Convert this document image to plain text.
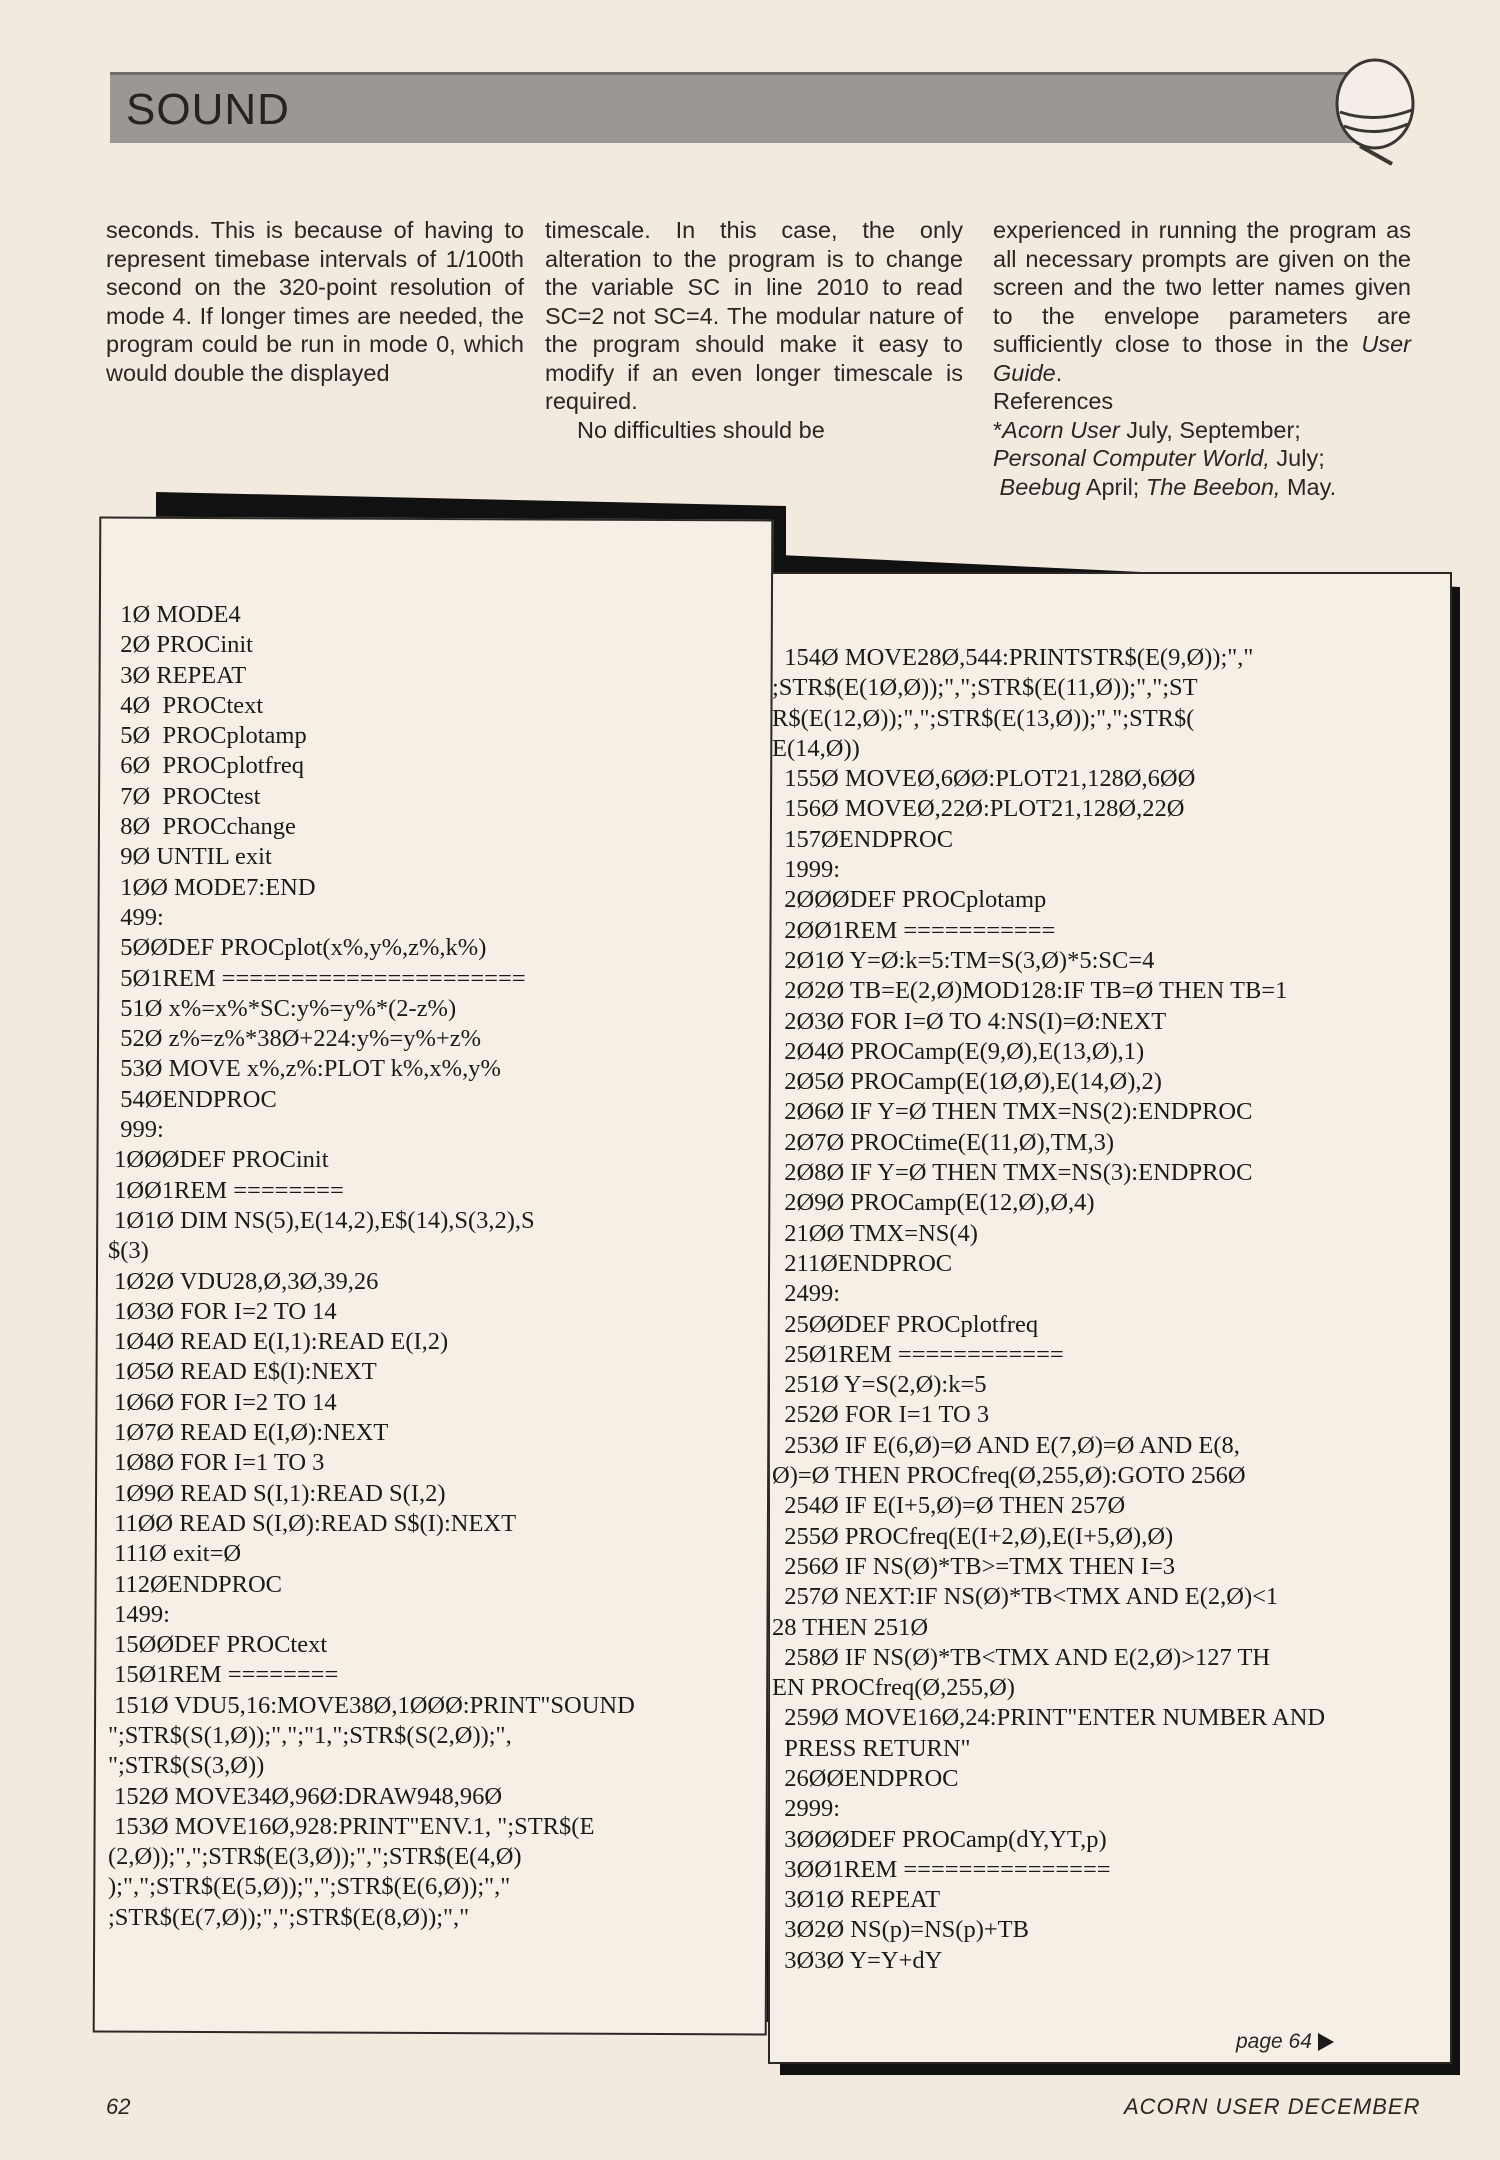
SOUND

seconds. This is because of having to represent timebase intervals of 1/100th second on the 320-point resolution of mode 4. If longer times are needed, the program could be run in mode 0, which would double the displayed

timescale. In this case, the only alteration to the program is to change the variable SC in line 2010 to read SC=2 not SC=4. The modular nature of the program should make it easy to modify if an even longer timescale is required.

No difficulties should be

experienced in running the program as all necessary prompts are given on the screen and the two letter names given to the envelope parameters are sufficiently close to those in the User Guide.

References

*Acorn User July, September;

Personal Computer World, July;

Beebug April; The Beebon, May.

1Ø MODE4
2Ø PROCinit
3Ø REPEAT
4Ø  PROCtext
5Ø  PROCplotamp
6Ø  PROCplotfreq
7Ø  PROCtest
8Ø  PROCchange
9Ø UNTIL exit
1ØØ MODE7:END
499:
5ØØDEF PROCplot(x%,y%,z%,k%)
5Ø1REM ======================
51Ø x%=x%*SC:y%=y%*(2-z%)
52Ø z%=z%*38Ø+224:y%=y%+z%
53Ø MOVE x%,z%:PLOT k%,x%,y%
54ØENDPROC
999:
1ØØØDEF PROCinit
1ØØ1REM ========
1Ø1Ø DIM NS(5),E(14,2),E$(14),S(3,2),S
$(3)
1Ø2Ø VDU28,Ø,3Ø,39,26
1Ø3Ø FOR I=2 TO 14
1Ø4Ø READ E(I,1):READ E(I,2)
1Ø5Ø READ E$(I):NEXT
1Ø6Ø FOR I=2 TO 14
1Ø7Ø READ E(I,Ø):NEXT
1Ø8Ø FOR I=1 TO 3
1Ø9Ø READ S(I,1):READ S(I,2)
11ØØ READ S(I,Ø):READ S$(I):NEXT
111Ø exit=Ø
112ØENDPROC
1499:
15ØØDEF PROCtext
15Ø1REM ========
151Ø VDU5,16:MOVE38Ø,1ØØØ:PRINT"SOUND
";STR$(S(1,Ø));",";"1,";STR$(S(2,Ø));",
";STR$(S(3,Ø))
152Ø MOVE34Ø,96Ø:DRAW948,96Ø
153Ø MOVE16Ø,928:PRINT"ENV.1, ";STR$(E
(2,Ø));",";STR$(E(3,Ø));",";STR$(E(4,Ø)
);",";STR$(E(5,Ø));",";STR$(E(6,Ø));","
;STR$(E(7,Ø));",";STR$(E(8,Ø));","
154Ø MOVE28Ø,544:PRINTSTR$(E(9,Ø));","
;STR$(E(1Ø,Ø));",";STR$(E(11,Ø));",";ST
R$(E(12,Ø));",";STR$(E(13,Ø));",";STR$(
E(14,Ø))
155Ø MOVEØ,6ØØ:PLOT21,128Ø,6ØØ
156Ø MOVEØ,22Ø:PLOT21,128Ø,22Ø
157ØENDPROC
1999:
2ØØØDEF PROCplotamp
2ØØ1REM ===========
2Ø1Ø Y=Ø:k=5:TM=S(3,Ø)*5:SC=4
2Ø2Ø TB=E(2,Ø)MOD128:IF TB=Ø THEN TB=1
2Ø3Ø FOR I=Ø TO 4:NS(I)=Ø:NEXT
2Ø4Ø PROCamp(E(9,Ø),E(13,Ø),1)
2Ø5Ø PROCamp(E(1Ø,Ø),E(14,Ø),2)
2Ø6Ø IF Y=Ø THEN TMX=NS(2):ENDPROC
2Ø7Ø PROCtime(E(11,Ø),TM,3)
2Ø8Ø IF Y=Ø THEN TMX=NS(3):ENDPROC
2Ø9Ø PROCamp(E(12,Ø),Ø,4)
21ØØ TMX=NS(4)
211ØENDPROC
2499:
25ØØDEF PROCplotfreq
25Ø1REM ============
251Ø Y=S(2,Ø):k=5
252Ø FOR I=1 TO 3
253Ø IF E(6,Ø)=Ø AND E(7,Ø)=Ø AND E(8,
Ø)=Ø THEN PROCfreq(Ø,255,Ø):GOTO 256Ø
254Ø IF E(I+5,Ø)=Ø THEN 257Ø
255Ø PROCfreq(E(I+2,Ø),E(I+5,Ø),Ø)
256Ø IF NS(Ø)*TB>=TMX THEN I=3
257Ø NEXT:IF NS(Ø)*TB<TMX AND E(2,Ø)<1
28 THEN 251Ø
258Ø IF NS(Ø)*TB<TMX AND E(2,Ø)>127 TH
EN PROCfreq(Ø,255,Ø)
259Ø MOVE16Ø,24:PRINT"ENTER NUMBER AND
PRESS RETURN"
26ØØENDPROC
2999:
3ØØØDEF PROCamp(dY,YT,p)
3ØØ1REM ===============
3Ø1Ø REPEAT
3Ø2Ø NS(p)=NS(p)+TB
3Ø3Ø Y=Y+dY
page 64
62	ACORN USER DECEMBER
